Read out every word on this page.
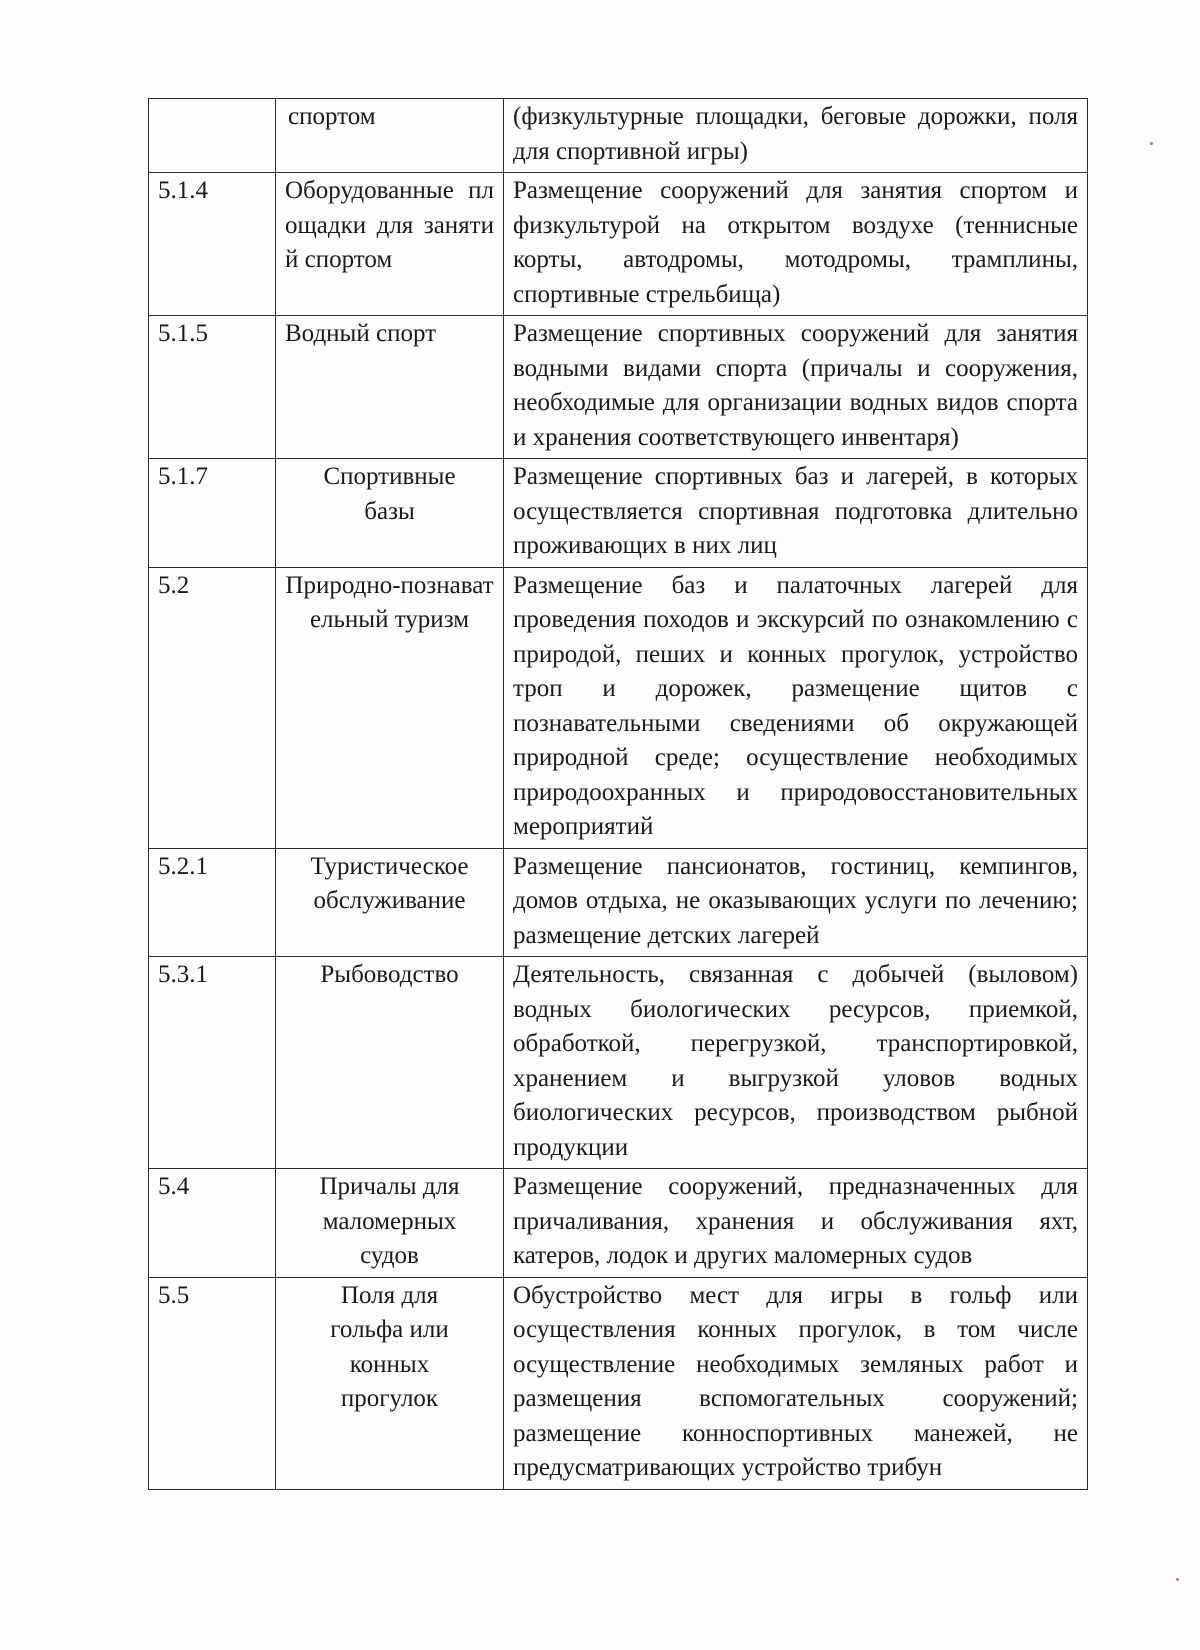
	спортом	(физкультурные площадки, беговые дорожки, поля для спортивной игры)
5.1.4	Оборудованные площадки для занятий спортом	Размещение сооружений для занятия спортом и физкультурой на открытом воздухе (теннисные корты, автодромы, мотодромы, трамплины, спортивные стрельбища)
5.1.5	Водный спорт	Размещение спортивных сооружений для занятия водными видами спорта (причалы и сооружения, необходимые для организации водных видов спорта и хранения соответствующего инвентаря)
5.1.7	Спортивные базы	Размещение спортивных баз и лагерей, в которых осуществляется спортивная подготовка длительно проживающих в них лиц
5.2	Природно-познавательный туризм	Размещение баз и палаточных лагерей для проведения походов и экскурсий по ознакомлению с природой, пеших и конных прогулок, устройство троп и дорожек, размещение щитов с познавательными сведениями об окружающей природной среде; осуществление необходимых природоохранных и природовосстановительных мероприятий
5.2.1	Туристическое обслуживание	Размещение пансионатов, гостиниц, кемпингов, домов отдыха, не оказывающих услуги по лечению; размещение детских лагерей
5.3.1	Рыбоводство	Деятельность, связанная с добычей (выловом) водных биологических ресурсов, приемкой, обработкой, перегрузкой, транспортировкой, хранением и выгрузкой уловов водных биологических ресурсов, производством рыбной продукции
5.4	Причалы для маломерных судов	Размещение сооружений, предназначенных для причаливания, хранения и обслуживания яхт, катеров, лодок и других маломерных судов
5.5	Поля для гольфа или конных прогулок	Обустройство мест для игры в гольф или осуществления конных прогулок, в том числе осуществление необходимых земляных работ и размещения вспомогательных сооружений; размещение конноспортивных манежей, не предусматривающих устройство трибун
